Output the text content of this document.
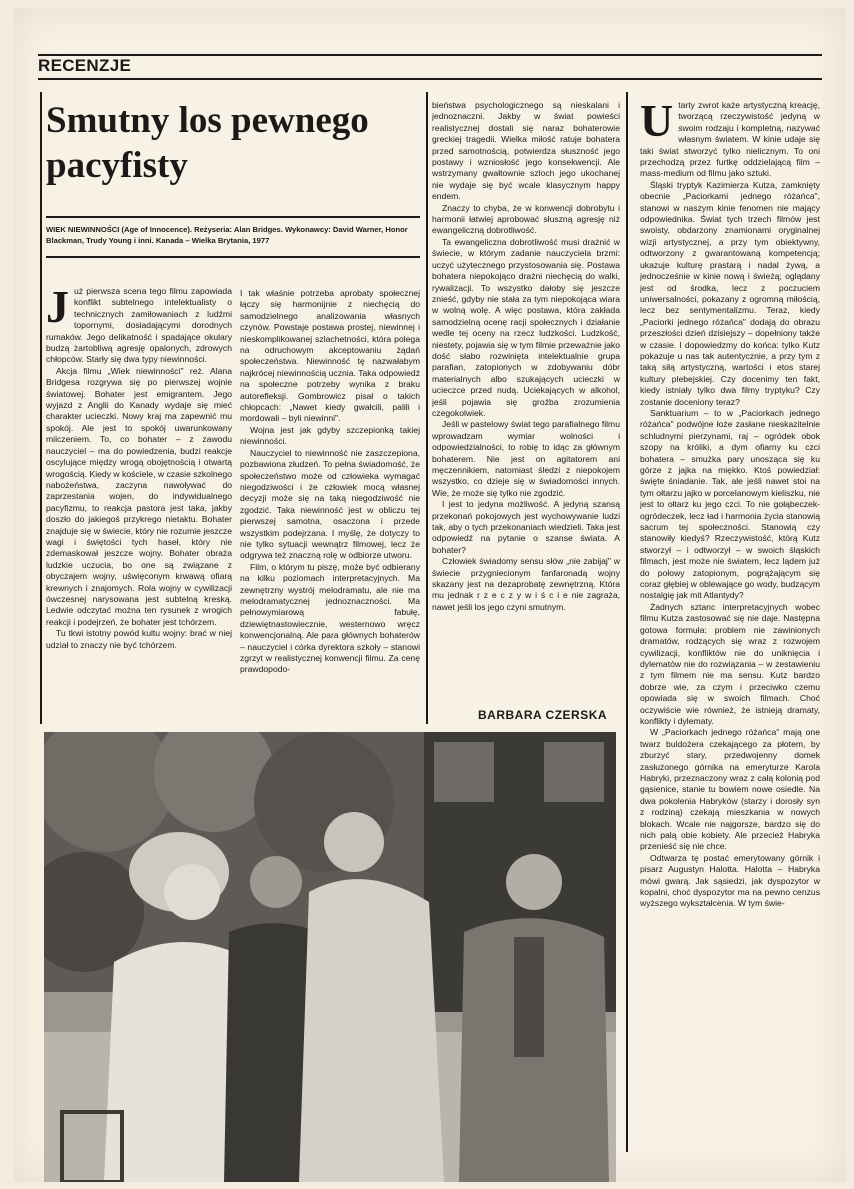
RECENZJE
Smutny los pewnego pacyfisty

WIEK NIEWINNOŚCI (Age of Innocence). Reżyseria: Alan Bridges. Wykonawcy: David Warner, Honor Blackman, Trudy Young i inni. Kanada – Wielka Brytania, 1977

Już pierwsza scena tego filmu zapowiada konflikt subtelnego intelektualisty o technicznych zamiłowaniach z ludźmi topornymi, dosiadającymi dorodnych rumaków. Jego delikatność i spadające okulary budzą żartobliwą agresję opalonych, zdrowych chłopców. Starły się dwa typy niewinności.

Akcja filmu „Wiek niewinności" reż. Alana Bridgesa rozgrywa się po pierwszej wojnie światowej. Bohater jest emigrantem. Jego wyjazd z Anglii do Kanady wydaje się mieć charakter ucieczki. Nowy kraj ma zapewnić mu spokój. Ale jest to spokój uwarunkowany milczeniem. To, co bohater – z zawodu nauczyciel – ma do powiedzenia, budzi reakcje oscylujące między wrogą obojętnością i otwartą wrogością. Kiedy w kościele, w czasie szkolnego nabożeństwa, zaczyna nawoływać do zaprzestania wojen, do indywidualnego pacyfizmu, to reakcja pastora jest taka, jakby doszło do jakiegoś przykrego nietaktu. Bohater znajduje się w świecie, który nie rozumie jeszcze wagi i świętości tych haseł, który nie zdemaskował jeszcze wojny. Bohater obraża ludzkie uczucia, bo one są związane z obyczajem wojny, uświęconym krwawą ofiarą krewnych i znajomych. Rola wojny w cywilizacji ówczesnej narysowana jest subtelną kreską. Ledwie odczytać można ten rysunek z wrogich reakcji i podejrzeń, że bohater jest tchórzem.

Tu tkwi istotny powód kultu wojny: brać w niej udział to znaczy nie być tchórzem.

I tak właśnie potrzeba aprobaty społecznej łączy się harmonijnie z niechęcią do samodzielnego analizowania własnych czynów. Powstaje postawa prostej, niewinnej i nieskomplikowanej szlachetności, która polega na odruchowym akceptowaniu żądań społeczeństwa. Niewinność tę nazwałabym najkrócej niewinnością ucznia. Taka odpowiedź na społeczne potrzeby wynika z braku autorefleksji. Gombrowicz pisał o takich chłopcach: „Nawet kiedy gwałcili, palili i mordowali – byli niewinni".

Wojna jest jak gdyby szczepionką takiej niewinności.

Nauczyciel to niewinność nie zaszczepiona, pozbawiona złudzeń. To pełna świadomość, że społeczeństwo może od człowieka wymagać niegodziwości i że człowiek mocą własnej decyzji może się na taką niegodziwość nie zgodzić. Taka niewinność jest w obliczu tej pierwszej samotna, osaczona i przede wszystkim podejrzana. I myślę, że dotyczy to nie tylko sytuacji wewnątrz filmowej, lecz że odgrywa też znaczną rolę w odbiorze utworu.

Film, o którym tu piszę, może być odbierany na kilku poziomach interpretacyjnych. Ma zewnętrzny wystrój melodramatu, ale nie ma melodramatycznej jednoznaczności. Ma pełnowymiarową fabułę, dziewiętnastowiecznie, westernowo wręcz konwencjonalną. Ale para głównych bohaterów – nauczyciel i córka dyrektora szkoły – stanowi zgrzyt w realistycznej konwencji filmu. Za cenę prawdopodo-

bieństwa psychologicznego są nieskalani i jednoznaczni. Jakby w świat powieści realistycznej dostali się naraz bohaterowie greckiej tragedii. Wielka miłość ratuje bohatera przed samotnością, potwierdza słuszność jego postawy i wzniosłość jego konsekwencji. Ale wstrzymany gwałtownie szloch jego ukochanej nie wydaje się być wcale klasycznym happy endem.

Znaczy to chyba, że w konwencji dobrobytu i harmonii łatwiej aprobować słuszną agresję niż ewangeliczną dobrotliwość.

Ta ewangeliczna dobrotliwość musi drażnić w świecie, w którym zadanie nauczyciela brzmi: uczyć użytecznego przystosowania się. Postawa bohatera niepokojąco drażni niechęcią do walki, rywalizacji. To wszystko dałoby się jeszcze znieść, gdyby nie stała za tym niepokojąca wiara w wolną wolę. A więc postawa, która zakłada samodzielną ocenę racji społecznych i działanie wedle tej oceny na rzecz ludzkości. Ludzkość, niestety, pojawia się w tym filmie przeważnie jako dość słabo rozwinięta intelektualnie grupa parafian, zatopionych w zdobywaniu dóbr materialnych albo szukających ucieczki w ucieczce przed nudą. Uciekających w alkohol, jeśli pojawia się groźba zrozumienia czegokolwiek.

Jeśli w pastelowy świat tego parafialnego filmu wprowadzam wymiar wolności i odpowiedzialności, to robię to idąc za głównym bohaterem. Nie jest on agitatorem ani męczennikiem, natomiast śledzi z niepokojem wszystko, co dzieje się w świadomości innych. Wie, że może się tylko nie zgodzić.

I jest to jedyna możliwość. A jedyną szansą przekonań pokojowych jest wychowywanie ludzi tak, aby o tych przekonaniach wiedzieli. Taka jest odpowiedź na pytanie o szanse świata. A bohater?

Człowiek świadomy sensu słów „nie zabijaj" w świecie przygniecionym fanfaronadą wojny skazany jest na dezaprobatę zewnętrzną. Która mu jednak r z e c z y w i ś c i e nie zagraża, nawet jeśli los jego czyni smutnym.

BARBARA CZERSKA

Utarty zwrot każe artystyczną kreację, tworzącą rzeczywistość jedyną w swoim rodzaju i kompletną, nazywać własnym światem. W kinie udaje się taki świat stworzyć tylko nielicznym. To oni przechodzą przez furtkę oddzielającą film – mass-medium od filmu jako sztuki.

Śląski tryptyk Kazimierza Kutza, zamknięty obecnie „Paciorkami jednego różańca", stanowi w naszym kinie fenomen nie mający odpowiednika. Świat tych trzech filmów jest swoisty, obdarzony znamionami oryginalnej wizji artystycznej, a przy tym obiektywny, odtworzony z gwarantowaną kompetencją; ukazuje kulturę prastarą i nadal żywą, a jednocześnie w kinie nową i świeżą; oglądany jest od środka, lecz z poczuciem uniwersalności, pokazany z ogromną miłością, lecz bez sentymentalizmu. Teraz, kiedy „Paciorki jednego różańca" dodają do obrazu przeszłości dzień dzisiejszy – dopełniony także w czasie. I dopowiedzmy do końca: tylko Kutz pokazuje u nas tak autentycznie, a przy tym z taką siłą artystyczną, wartości i etos starej kultury plebejskiej. Czy docenimy ten fakt, kiedy istniały tylko dwa filmy tryptyku? Czy zostanie doceniony teraz?

Sanktuarium – to w „Paciorkach jednego różańca" podwójne łoże zasłane nieskazitelnie schludnymi pierzynami, raj – ogródek obok szopy na króliki, a dym ofiarny ku czci bohatera – smużka pary unosząca się ku górze z jajka na miękko. Ktoś powiedział: święte śniadanie. Tak, ale jeśli nawet stoi na tym ołtarzu jajko w porcelanowym kieliszku, nie jest to ołtarz ku jego czci. To nie gołąbeczek-ogródeczek, lecz ład i harmonia życia stanowią sacrum tej społeczności. Stanowią czy stanowiły kiedyś? Rzeczywistość, którą Kutz stworzył – i odtworzył – w swoich śląskich filmach, jest może nie światem, lecz lądem już do połowy zatopionym, pogrążającym się coraz głębiej w oblewające go wody, budzącym nostalgię jak mit Atlantydy?

Żadnych sztanc interpretacyjnych wobec filmu Kutza zastosować się nie daje. Następna gotowa formuła: problem nie zawinionych dramatów, rodzących się wraz z rozwojem cywilizacji, konfliktów nie do uniknięcia i dylematów nie do rozwiązania – w zestawieniu z tym filmem nie ma sensu. Kutz bardzo dobrze wie, za czym i przeciwko czemu opowiada się w swoich filmach. Choć oczywiście wie również, że istnieją dramaty, konflikty i dylematy.

W „Paciorkach jednego różańca" mają one twarz buldożera czekającego za płotem, by zburzyć stary, przedwojenny domek zasłużonego górnika na emeryturze Karola Habryki, przeznaczony wraz z całą kolonią pod gąsienice, stanie tu bowiem nowe osiedle. Na dwa pokolenia Habryków (starzy i dorosły syn z rodziną) czekają mieszkania w nowych blokach. Wcale nie najgorsze, bardzo się do nich palą obie kobiety. Ale przecież Habryka przenieść się nie chce.

Odtwarza tę postać emerytowany górnik i pisarz Augustyn Halotta. Halotta – Habryka mówi gwarą. Jak sąsiedzi, jak dyspozytor w kopalni, choć dyspozytor ma na pewno cenzus wyższego wykształcenia. W tym świe-
